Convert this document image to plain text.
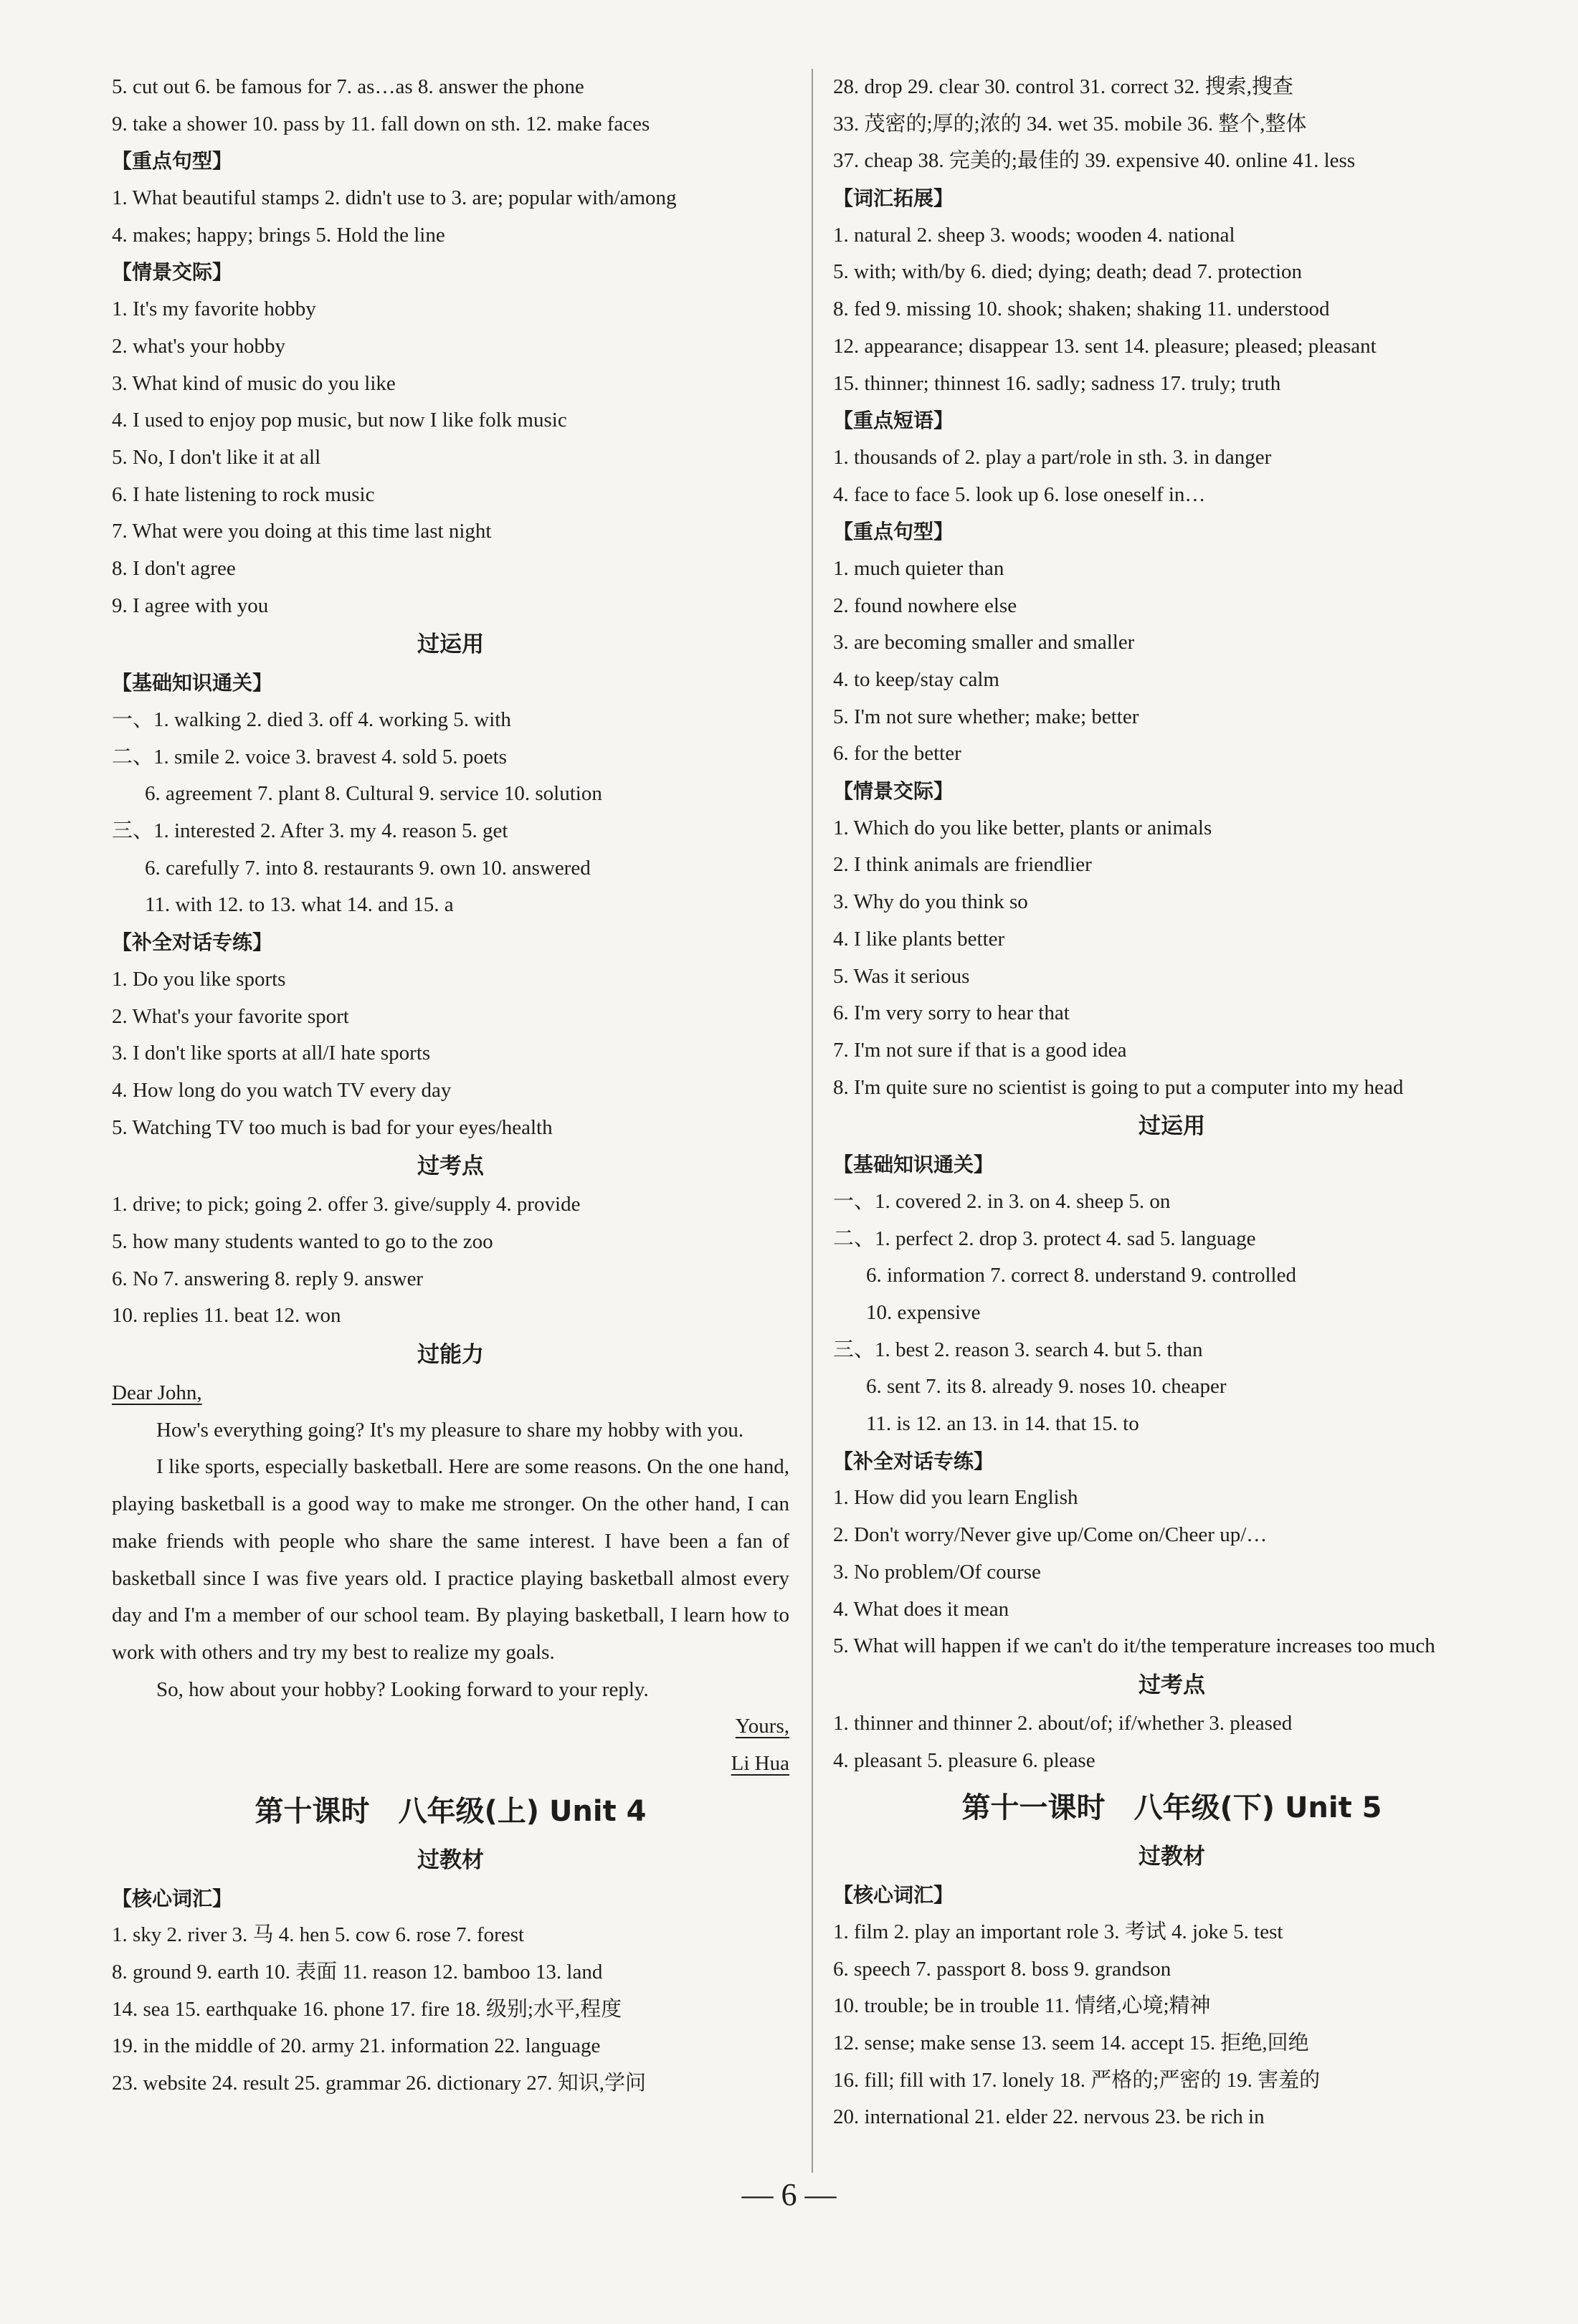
5. cut out 6. be famous for 7. as…as 8. answer the phone
9. take a shower 10. pass by 11. fall down on sth. 12. make faces
【重点句型】
1. What beautiful stamps 2. didn't use to 3. are; popular with/among
4. makes; happy; brings 5. Hold the line
【情景交际】
1. It's my favorite hobby
2. what's your hobby
3. What kind of music do you like
4. I used to enjoy pop music, but now I like folk music
5. No, I don't like it at all
6. I hate listening to rock music
7. What were you doing at this time last night
8. I don't agree
9. I agree with you
过运用
【基础知识通关】
一、1. walking 2. died 3. off 4. working 5. with
二、1. smile 2. voice 3. bravest 4. sold 5. poets
6. agreement 7. plant 8. Cultural 9. service 10. solution
三、1. interested 2. After 3. my 4. reason 5. get
6. carefully 7. into 8. restaurants 9. own 10. answered
11. with 12. to 13. what 14. and 15. a
【补全对话专练】
1. Do you like sports
2. What's your favorite sport
3. I don't like sports at all/I hate sports
4. How long do you watch TV every day
5. Watching TV too much is bad for your eyes/health
过考点
1. drive; to pick; going 2. offer 3. give/supply 4. provide
5. how many students wanted to go to the zoo
6. No 7. answering 8. reply 9. answer
10. replies 11. beat 12. won
过能力
Dear John,
How's everything going? It's my pleasure to share my hobby with you.
I like sports, especially basketball. Here are some reasons. On the one hand, playing basketball is a good way to make me stronger. On the other hand, I can make friends with people who share the same interest. I have been a fan of basketball since I was five years old. I practice playing basketball almost every day and I'm a member of our school team. By playing basketball, I learn how to work with others and try my best to realize my goals.
So, how about your hobby? Looking forward to your reply.
Yours,
Li Hua
第十课时　八年级(上) Unit 4
过教材
【核心词汇】
1. sky 2. river 3. 马 4. hen 5. cow 6. rose 7. forest
8. ground 9. earth 10. 表面 11. reason 12. bamboo 13. land
14. sea 15. earthquake 16. phone 17. fire 18. 级别;水平,程度
19. in the middle of 20. army 21. information 22. language
23. website 24. result 25. grammar 26. dictionary 27. 知识,学问
28. drop 29. clear 30. control 31. correct 32. 搜索,搜查
33. 茂密的;厚的;浓的 34. wet 35. mobile 36. 整个,整体
37. cheap 38. 完美的;最佳的 39. expensive 40. online 41. less
【词汇拓展】
1. natural 2. sheep 3. woods; wooden 4. national
5. with; with/by 6. died; dying; death; dead 7. protection
8. fed 9. missing 10. shook; shaken; shaking 11. understood
12. appearance; disappear 13. sent 14. pleasure; pleased; pleasant
15. thinner; thinnest 16. sadly; sadness 17. truly; truth
【重点短语】
1. thousands of 2. play a part/role in sth. 3. in danger
4. face to face 5. look up 6. lose oneself in…
【重点句型】
1. much quieter than
2. found nowhere else
3. are becoming smaller and smaller
4. to keep/stay calm
5. I'm not sure whether; make; better
6. for the better
【情景交际】
1. Which do you like better, plants or animals
2. I think animals are friendlier
3. Why do you think so
4. I like plants better
5. Was it serious
6. I'm very sorry to hear that
7. I'm not sure if that is a good idea
8. I'm quite sure no scientist is going to put a computer into my head
过运用
【基础知识通关】
一、1. covered 2. in 3. on 4. sheep 5. on
二、1. perfect 2. drop 3. protect 4. sad 5. language
6. information 7. correct 8. understand 9. controlled
10. expensive
三、1. best 2. reason 3. search 4. but 5. than
6. sent 7. its 8. already 9. noses 10. cheaper
11. is 12. an 13. in 14. that 15. to
【补全对话专练】
1. How did you learn English
2. Don't worry/Never give up/Come on/Cheer up/…
3. No problem/Of course
4. What does it mean
5. What will happen if we can't do it/the temperature increases too much
过考点
1. thinner and thinner 2. about/of; if/whether 3. pleased
4. pleasant 5. pleasure 6. please
第十一课时　八年级(下) Unit 5
过教材
【核心词汇】
1. film 2. play an important role 3. 考试 4. joke 5. test
6. speech 7. passport 8. boss 9. grandson
10. trouble; be in trouble 11. 情绪,心境;精神
12. sense; make sense 13. seem 14. accept 15. 拒绝,回绝
16. fill; fill with 17. lonely 18. 严格的;严密的 19. 害羞的
20. international 21. elder 22. nervous 23. be rich in
— 6 —
